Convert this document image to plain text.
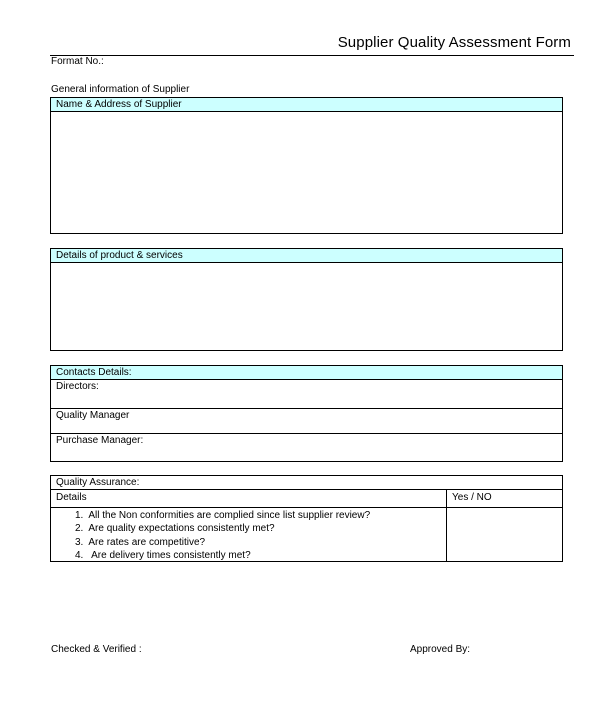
Supplier Quality Assessment Form
Format No.:
General information of Supplier
Name & Address of Supplier
Details of product & services
Contacts Details:
Directors:
Quality Manager
Purchase Manager:
Quality Assurance:
Details
1. All the Non conformities are complied since list supplier review?
2. Are quality expectations consistently met?
3. Are rates are competitive?
4. Are delivery times consistently met?
Yes / NO
Checked & Verified :	Approved By:
